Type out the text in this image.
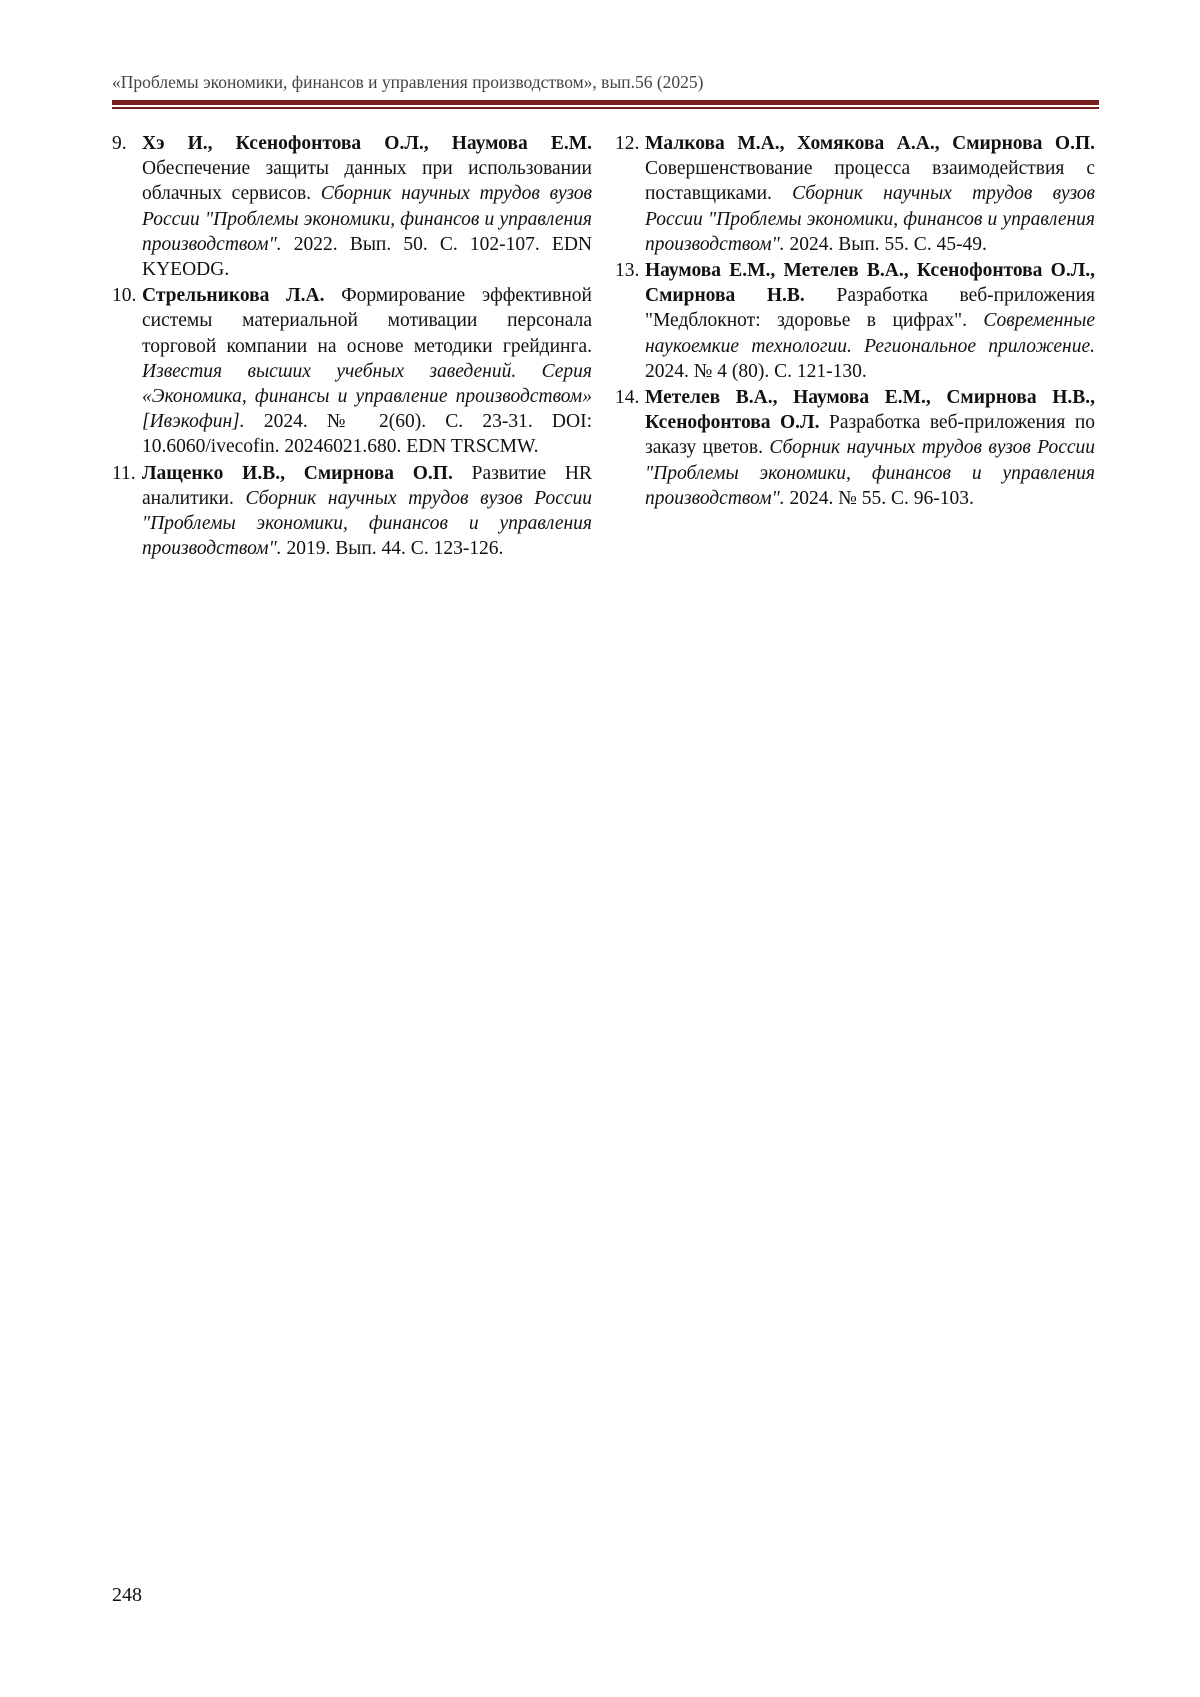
«Проблемы экономики, финансов и управления производством», вып.56 (2025)
9. Хэ И., Ксенофонтова О.Л., Наумова Е.М. Обеспечение защиты данных при использовании облачных сервисов. Сборник научных трудов вузов России "Проблемы экономики, финансов и управления производством". 2022. Вып. 50. С. 102-107. EDN KYEODG.
10. Стрельникова Л.А. Формирование эффективной системы материальной мотивации персонала торговой компании на основе методики грейдинга. Известия высших учебных заведений. Серия «Экономика, финансы и управление производством» [Ивэкофин]. 2024. № 2(60). С. 23-31. DOI: 10.6060/ivecofin. 20246021.680. EDN TRSCMW.
11. Лащенко И.В., Смирнова О.П. Развитие HR аналитики. Сборник научных трудов вузов России "Проблемы экономики, финансов и управления производством". 2019. Вып. 44. С. 123-126.
12. Малкова М.А., Хомякова А.А., Смирнова О.П. Совершенствование процесса взаимодействия с поставщиками. Сборник научных трудов вузов России "Проблемы экономики, финансов и управления производством". 2024. Вып. 55. С. 45-49.
13. Наумова Е.М., Метелев В.А., Ксенофонтова О.Л., Смирнова Н.В. Разработка веб-приложения "Медблокнот: здоровье в цифрах". Современные наукоемкие технологии. Региональное приложение. 2024. № 4 (80). С. 121-130.
14. Метелев В.А., Наумова Е.М., Смирнова Н.В., Ксенофонтова О.Л. Разработка веб-приложения по заказу цветов. Сборник научных трудов вузов России "Проблемы экономики, финансов и управления производством". 2024. № 55. С. 96-103.
248
